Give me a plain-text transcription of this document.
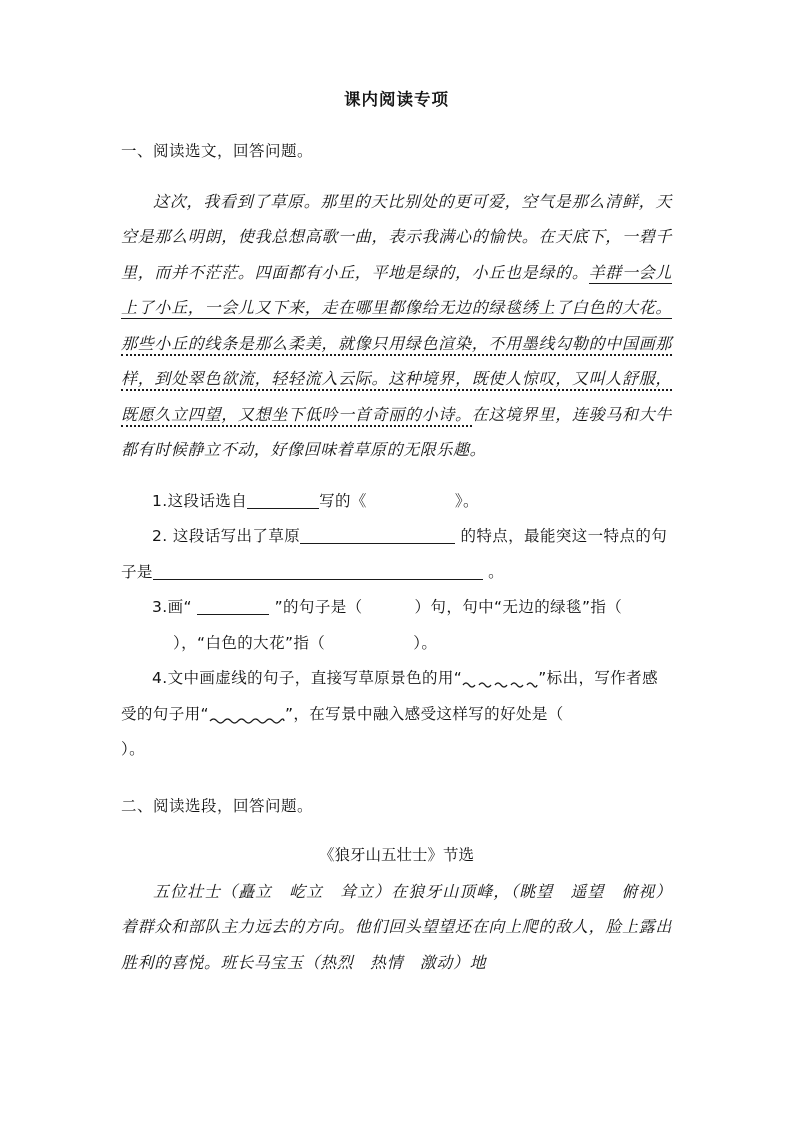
课内阅读专项

一、阅读选文，回答问题。

这次，我看到了草原。那里的天比别处的更可爱，空气是那么清鲜，天空是那么明朗，使我总想高歌一曲，表示我满心的愉快。在天底下，一碧千里，而并不茫茫。四面都有小丘，平地是绿的，小丘也是绿的。羊群一会儿上了小丘，一会儿又下来，走在哪里都像给无边的绿毯绣上了白色的大花。那些小丘的线条是那么柔美，就像只用绿色渲染，不用墨线勾勒的中国画那样，到处翠色欲流，轻轻流入云际。这种境界，既使人惊叹，又叫人舒服，既愿久立四望，又想坐下低吟一首奇丽的小诗。在这境界里，连骏马和大牛都有时候静立不动，好像回味着草原的无限乐趣。

1.这段话选自	写的《	》。

2. 这段话写出了草原	的特点，最能突这一特点的句子是	。

3.画“	”的句子是（	）句，句中“无边的绿毯”指（），“白色的大花”指（	）。

4.文中画虚线的句子，直接写草原景色的用“	”标出，写作者感受的句子用“	”，在写景中融入感受这样写的好处是（）。

二、阅读选段，回答问题。

《狼牙山五壮士》节选

五位壮士（矗立　屹立　耸立）在狼牙山顶峰，（眺望　遥望　俯视）着群众和部队主力远去的方向。他们回头望望还在向上爬的敌人，脸上露出胜利的喜悦。班长马宝玉（热烈　热情　激动）地
